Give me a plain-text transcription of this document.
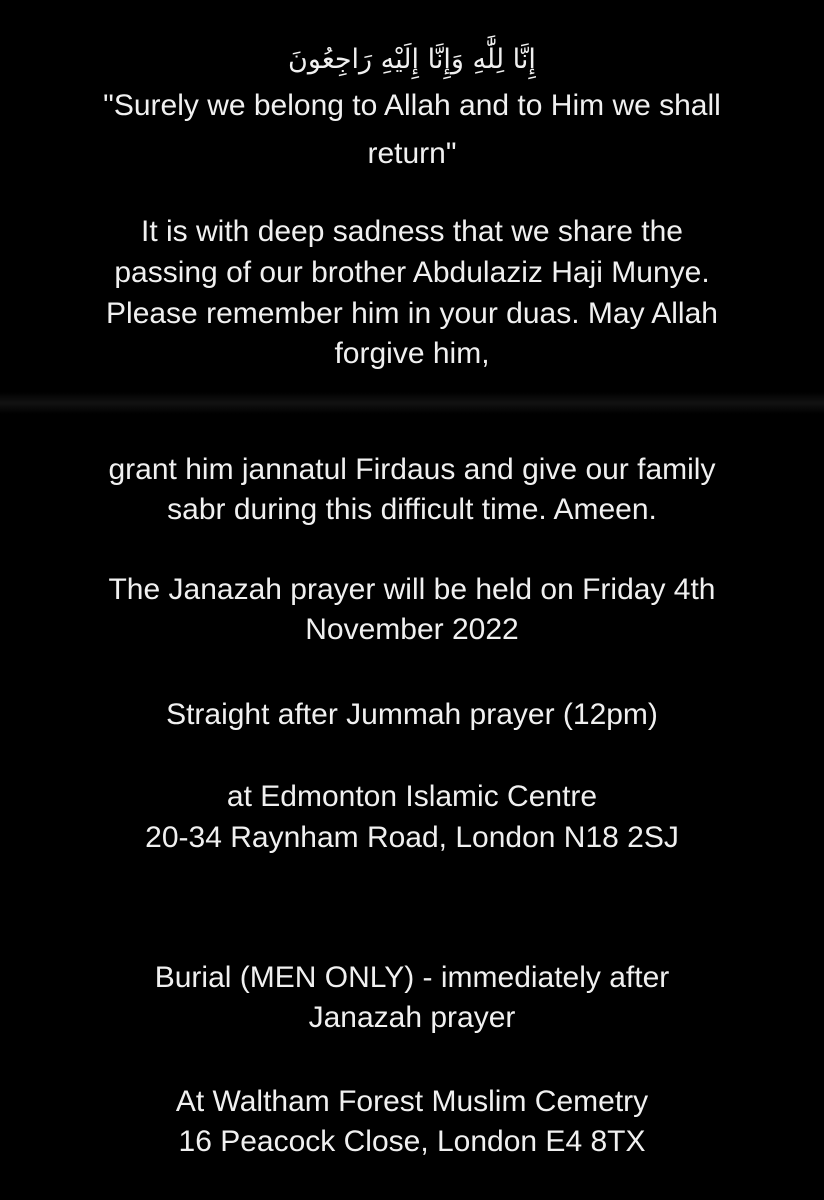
إِنَّا لِلَّٰهِ وَإِنَّا إِلَيْهِ رَاجِعُونَ
"Surely we belong to Allah and to Him we shall
return"
It is with deep sadness that we share the
passing of our brother Abdulaziz Haji Munye.
Please remember him in your duas. May Allah
forgive him,
grant him jannatul Firdaus and give our family
sabr during this difficult time. Ameen.
The Janazah prayer will be held on Friday 4th
November 2022
Straight after Jummah prayer (12pm)
at Edmonton Islamic Centre
20-34 Raynham Road, London N18 2SJ
Burial (MEN ONLY) - immediately after
Janazah prayer
At Waltham Forest Muslim Cemetry
16 Peacock Close, London E4 8TX
